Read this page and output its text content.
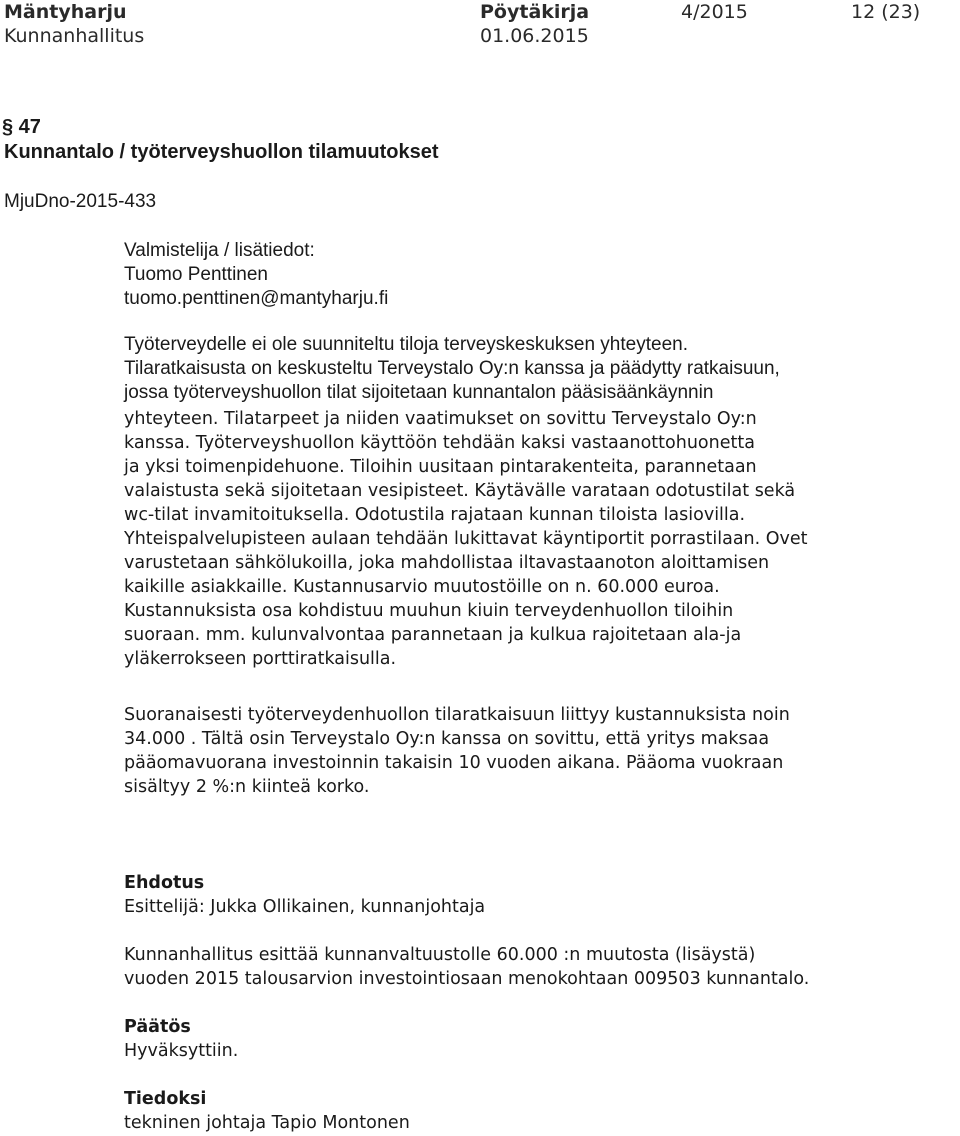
Mäntyharju	Pöytäkirja	4/2015	12 (23)
Kunnanhallitus	01.06.2015
§ 47
Kunnantalo / työterveyshuollon tilamuutokset
MjuDno-2015-433
Valmistelija / lisätiedot:
Tuomo Penttinen
tuomo.penttinen@mantyharju.fi
Työterveydelle ei ole suunniteltu tiloja terveyskeskuksen yhteyteen.
Tilaratkaisusta on keskusteltu Terveystalo Oy:n kanssa ja päädytty ratkaisuun,
jossa työterveyshuollon tilat sijoitetaan kunnantalon pääsisäänkäynnin
yhteyteen. Tilatarpeet ja niiden vaatimukset on sovittu Terveystalo Oy:n
kanssa. Työterveyshuollon käyttöön tehdään kaksi vastaanottohuonetta
ja yksi toimenpidehuone. Tiloihin uusitaan pintarakenteita, parannetaan
valaistusta sekä sijoitetaan vesipisteet. Käytävälle varataan odotustilat sekä
wc-tilat invamitoituksella. Odotustila rajataan kunnan tiloista lasiovilla.
Yhteispalvelupisteen aulaan tehdään lukittavat käyntiportit porrastilaan. Ovet
varustetaan sähkölukoilla, joka mahdollistaa iltavastaanoton aloittamisen
kaikille asiakkaille. Kustannusarvio muutostöille on n. 60.000 euroa.
Kustannuksista osa kohdistuu muuhun kiuin terveydenhuollon tiloihin
suoraan. mm. kulunvalvontaa parannetaan ja kulkua rajoitetaan ala-ja
yläkerrokseen porttiratkaisulla.
Suoranaisesti työterveydenhuollon tilaratkaisuun liittyy kustannuksista noin
34.000 . Tältä osin Terveystalo Oy:n kanssa on sovittu, että yritys maksaa
pääomavuorana investoinnin takaisin 10 vuoden aikana. Pääoma vuokraan
sisältyy 2 %:n kiinteä korko.
Ehdotus
Esittelijä: Jukka Ollikainen, kunnanjohtaja
Kunnanhallitus esittää kunnanvaltuustolle 60.000 :n muutosta (lisäystä)
vuoden 2015 talousarvion investointiosaan menokohtaan 009503 kunnantalo.
Päätös
Hyväksyttiin.
Tiedoksi
tekninen johtaja Tapio Montonen
